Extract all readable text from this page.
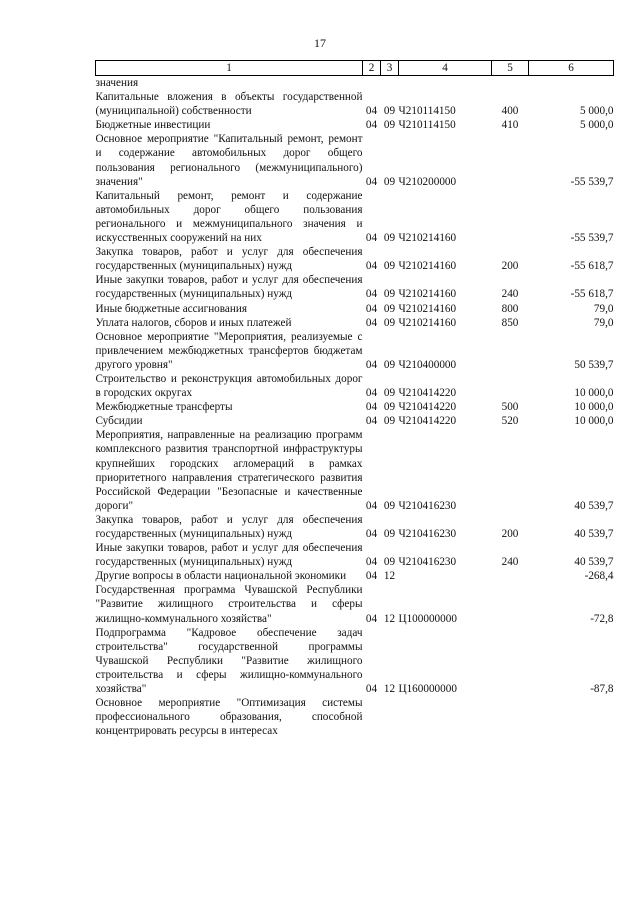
17
1	2	3	4	5	6
значения					
Капитальные вложения в объекты государственной (муниципальной) собственности	04	09	Ч210114150	400	5 000,0
Бюджетные инвестиции	04	09	Ч210114150	410	5 000,0
Основное мероприятие "Капитальный ремонт, ремонт и содержание автомобильных дорог общего пользования регионального (межмуниципального) значения"	04	09	Ч210200000		-55 539,7
Капитальный ремонт, ремонт и содержание автомобильных дорог общего пользования регионального и межмуниципального значения и искусственных сооружений на них	04	09	Ч210214160		-55 539,7
Закупка товаров, работ и услуг для обеспечения государственных (муниципальных) нужд	04	09	Ч210214160	200	-55 618,7
Иные закупки товаров, работ и услуг для обеспечения государственных (муниципальных) нужд	04	09	Ч210214160	240	-55 618,7
Иные бюджетные ассигнования	04	09	Ч210214160	800	79,0
Уплата налогов, сборов и иных платежей	04	09	Ч210214160	850	79,0
Основное мероприятие "Мероприятия, реализуемые с привлечением межбюджетных трансфертов бюджетам другого уровня"	04	09	Ч210400000		50 539,7
Строительство и реконструкция автомобильных дорог в городских округах	04	09	Ч210414220		10 000,0
Межбюджетные трансферты	04	09	Ч210414220	500	10 000,0
Субсидии	04	09	Ч210414220	520	10 000,0
Мероприятия, направленные на реализацию программ комплексного развития транспортной инфраструктуры крупнейших городских агломераций в рамках приоритетного направления стратегического развития Российской Федерации "Безопасные и качественные дороги"	04	09	Ч210416230		40 539,7
Закупка товаров, работ и услуг для обеспечения государственных (муниципальных) нужд	04	09	Ч210416230	200	40 539,7
Иные закупки товаров, работ и услуг для обеспечения государственных (муниципальных) нужд	04	09	Ч210416230	240	40 539,7
Другие вопросы в области национальной экономики	04	12			-268,4
Государственная программа Чувашской Республики "Развитие жилищного строительства и сферы жилищно-коммунального хозяйства"	04	12	Ц100000000		-72,8
Подпрограмма "Кадровое обеспечение задач строительства" государственной программы Чувашской Республики "Развитие жилищного строительства и сферы жилищно-коммунального хозяйства"	04	12	Ц160000000		-87,8
Основное мероприятие "Оптимизация системы профессионального образования, способной концентрировать ресурсы в интересах					
